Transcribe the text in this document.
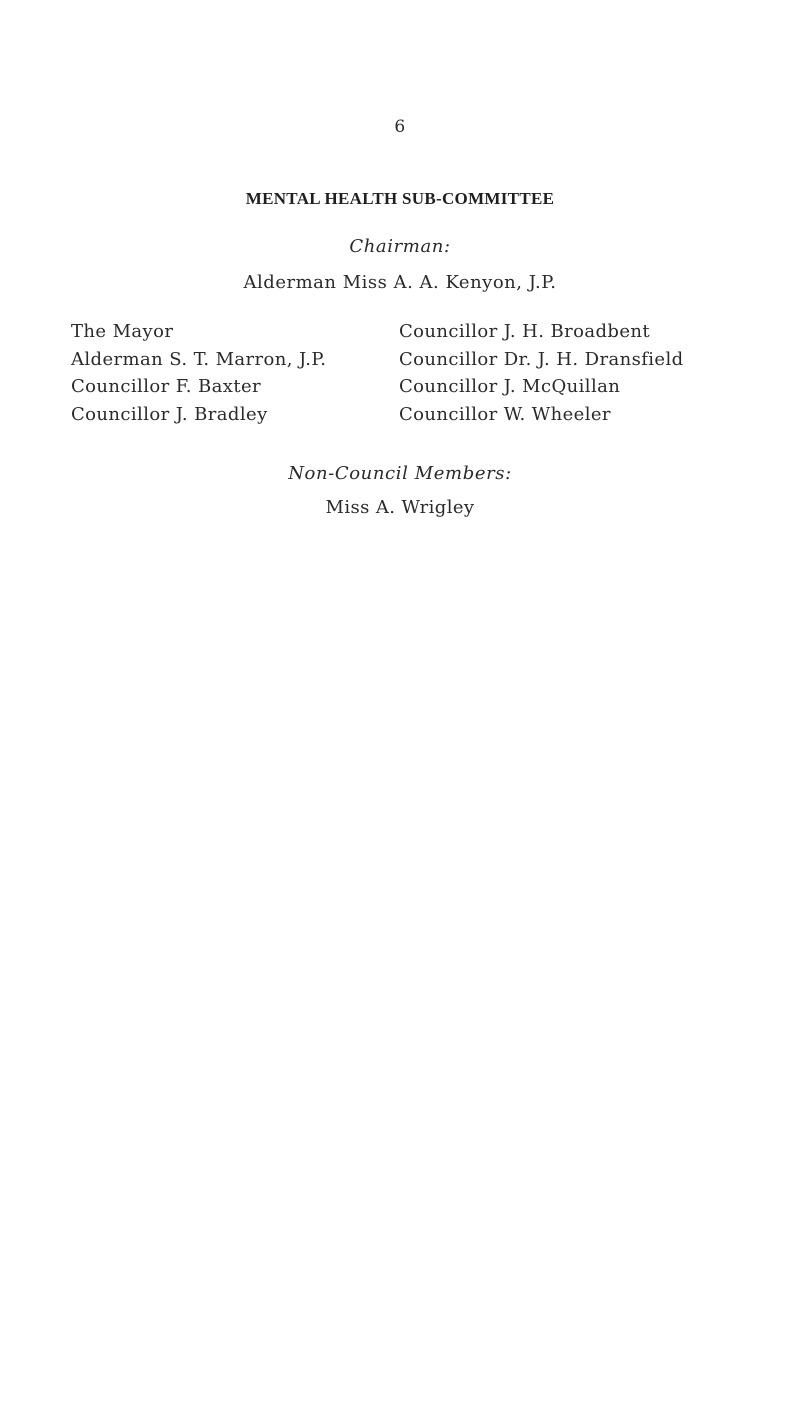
6
MENTAL HEALTH SUB-COMMITTEE
Chairman:
Alderman Miss A. A. Kenyon, J.P.
The Mayor
Alderman S. T. Marron, J.P.
Councillor F. Baxter
Councillor J. Bradley
Councillor J. H. Broadbent
Councillor Dr. J. H. Dransfield
Councillor J. McQuillan
Councillor W. Wheeler
Non-Council Members:
Miss A. Wrigley
